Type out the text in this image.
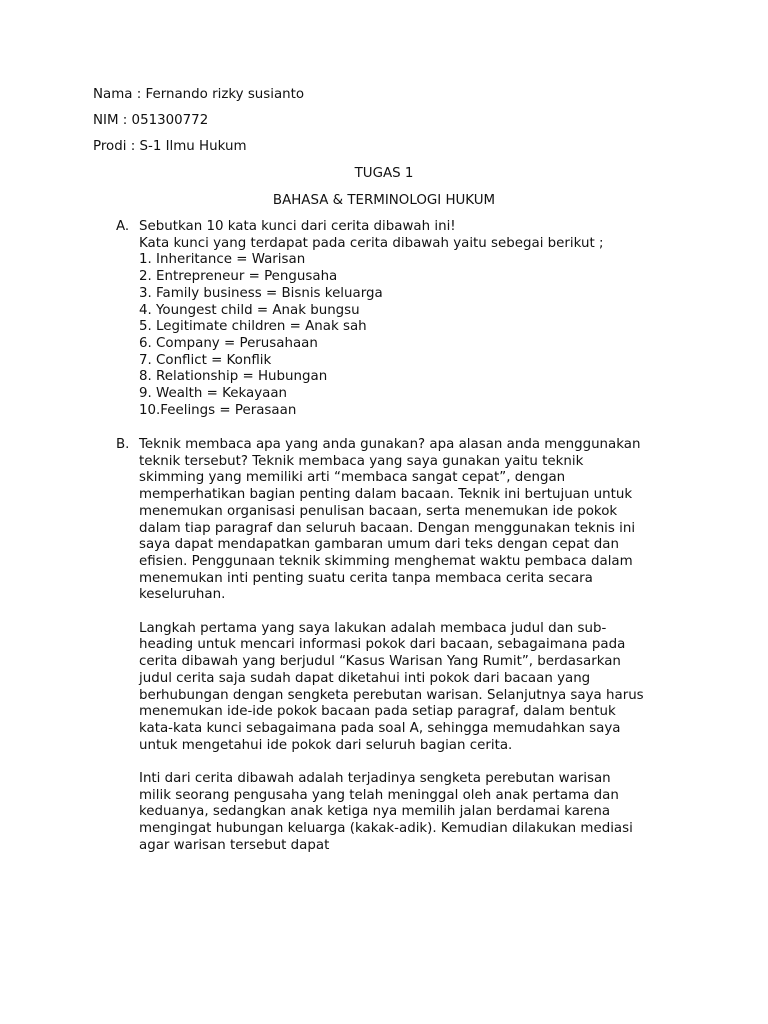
Nama : Fernando rizky susianto
NIM : 051300772
Prodi : S-1 Ilmu Hukum
TUGAS 1
BAHASA & TERMINOLOGI HUKUM
A. Sebutkan 10 kata kunci dari cerita dibawah ini!
Kata kunci yang terdapat pada cerita dibawah yaitu sebegai berikut ;
1. Inheritance = Warisan
2. Entrepreneur = Pengusaha
3. Family business = Bisnis keluarga
4. Youngest child = Anak bungsu
5. Legitimate children = Anak sah
6. Company = Perusahaan
7. Conflict = Konflik
8. Relationship = Hubungan
9. Wealth = Kekayaan
10.Feelings = Perasaan
B. Teknik membaca apa yang anda gunakan? apa alasan anda menggunakan
teknik tersebut? Teknik membaca yang saya gunakan yaitu teknik
skimming yang memiliki arti “membaca sangat cepat”, dengan
memperhatikan bagian penting dalam bacaan. Teknik ini bertujuan untuk
menemukan organisasi penulisan bacaan, serta menemukan ide pokok
dalam tiap paragraf dan seluruh bacaan. Dengan menggunakan teknis ini
saya dapat mendapatkan gambaran umum dari teks dengan cepat dan
efisien. Penggunaan teknik skimming menghemat waktu pembaca dalam
menemukan inti penting suatu cerita tanpa membaca cerita secara
keseluruhan.
Langkah pertama yang saya lakukan adalah membaca judul dan sub-
heading untuk mencari informasi pokok dari bacaan, sebagaimana pada
cerita dibawah yang berjudul “Kasus Warisan Yang Rumit”, berdasarkan
judul cerita saja sudah dapat diketahui inti pokok dari bacaan yang
berhubungan dengan sengketa perebutan warisan. Selanjutnya saya harus
menemukan ide-ide pokok bacaan pada setiap paragraf, dalam bentuk
kata-kata kunci sebagaimana pada soal A, sehingga memudahkan saya
untuk mengetahui ide pokok dari seluruh bagian cerita.
Inti dari cerita dibawah adalah terjadinya sengketa perebutan warisan
milik seorang pengusaha yang telah meninggal oleh anak pertama dan
keduanya, sedangkan anak ketiga nya memilih jalan berdamai karena
mengingat hubungan keluarga (kakak-adik). Kemudian dilakukan mediasi
agar warisan tersebut dapat
